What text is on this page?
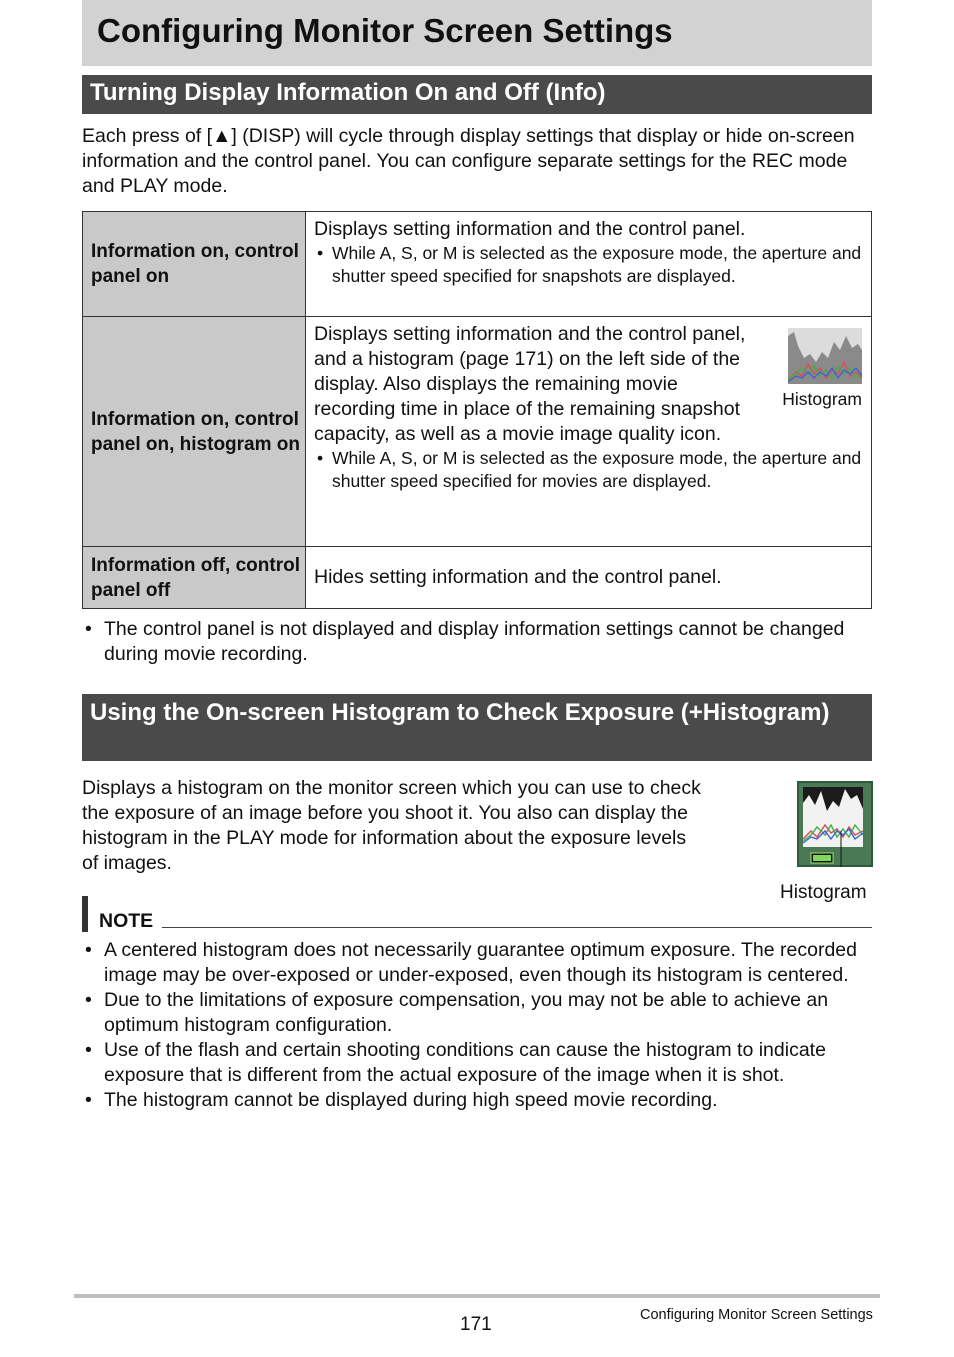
Configuring Monitor Screen Settings
Turning Display Information On and Off (Info)
Each press of [▲] (DISP) will cycle through display settings that display or hide on-screen information and the control panel. You can configure separate settings for the REC mode and PLAY mode.
Information on, control panel on
Displays setting information and the control panel.
• While A, S, or M is selected as the exposure mode, the aperture and shutter speed specified for snapshots are displayed.
Information on, control panel on, histogram on
Displays setting information and the control panel, and a histogram (page 171) on the left side of the display. Also displays the remaining movie recording time in place of the remaining snapshot capacity, as well as a movie image quality icon.
• While A, S, or M is selected as the exposure mode, the aperture and shutter speed specified for movies are displayed.
Histogram
Information off, control panel off
Hides setting information and the control panel.
• The control panel is not displayed and display information settings cannot be changed during movie recording.
Using the On-screen Histogram to Check Exposure (+Histogram)
Displays a histogram on the monitor screen which you can use to check the exposure of an image before you shoot it. You also can display the histogram in the PLAY mode for information about the exposure levels of images.
Histogram
NOTE
• A centered histogram does not necessarily guarantee optimum exposure. The recorded image may be over-exposed or under-exposed, even though its histogram is centered.
• Due to the limitations of exposure compensation, you may not be able to achieve an optimum histogram configuration.
• Use of the flash and certain shooting conditions can cause the histogram to indicate exposure that is different from the actual exposure of the image when it is shot.
• The histogram cannot be displayed during high speed movie recording.
171	Configuring Monitor Screen Settings
